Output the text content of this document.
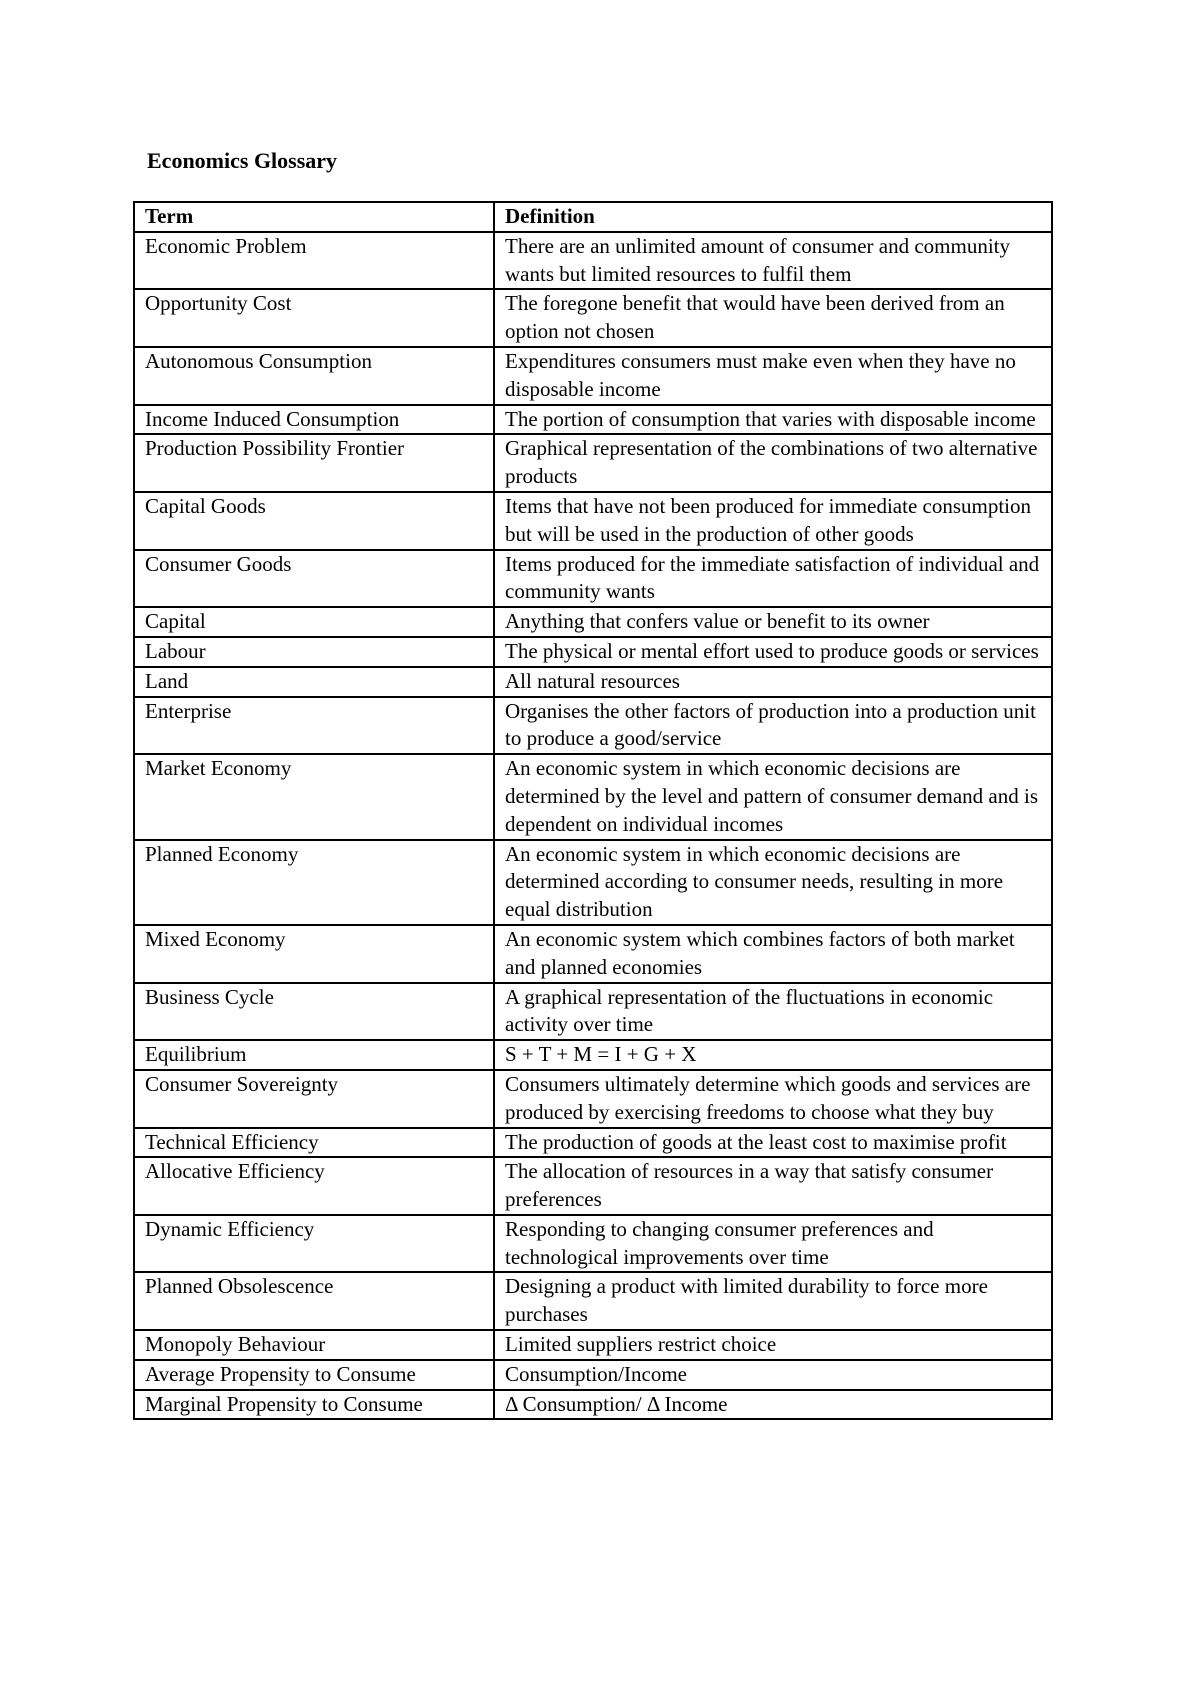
Economics Glossary
Term	Definition
Economic Problem	There are an unlimited amount of consumer and community wants but limited resources to fulfil them
Opportunity Cost	The foregone benefit that would have been derived from an option not chosen
Autonomous Consumption	Expenditures consumers must make even when they have no disposable income
Income Induced Consumption	The portion of consumption that varies with disposable income
Production Possibility Frontier	Graphical representation of the combinations of two alternative products
Capital Goods	Items that have not been produced for immediate consumption but will be used in the production of other goods
Consumer Goods	Items produced for the immediate satisfaction of individual and community wants
Capital	Anything that confers value or benefit to its owner
Labour	The physical or mental effort used to produce goods or services
Land	All natural resources
Enterprise	Organises the other factors of production into a production unit to produce a good/service
Market Economy	An economic system in which economic decisions are determined by the level and pattern of consumer demand and is dependent on individual incomes
Planned Economy	An economic system in which economic decisions are determined according to consumer needs, resulting in more equal distribution
Mixed Economy	An economic system which combines factors of both market and planned economies
Business Cycle	A graphical representation of the fluctuations in economic activity over time
Equilibrium	S + T + M = I + G + X
Consumer Sovereignty	Consumers ultimately determine which goods and services are produced by exercising freedoms to choose what they buy
Technical Efficiency	The production of goods at the least cost to maximise profit
Allocative Efficiency	The allocation of resources in a way that satisfy consumer preferences
Dynamic Efficiency	Responding to changing consumer preferences and technological improvements over time
Planned Obsolescence	Designing a product with limited durability to force more purchases
Monopoly Behaviour	Limited suppliers restrict choice
Average Propensity to Consume	Consumption/Income
Marginal Propensity to Consume	Δ Consumption/ Δ Income
